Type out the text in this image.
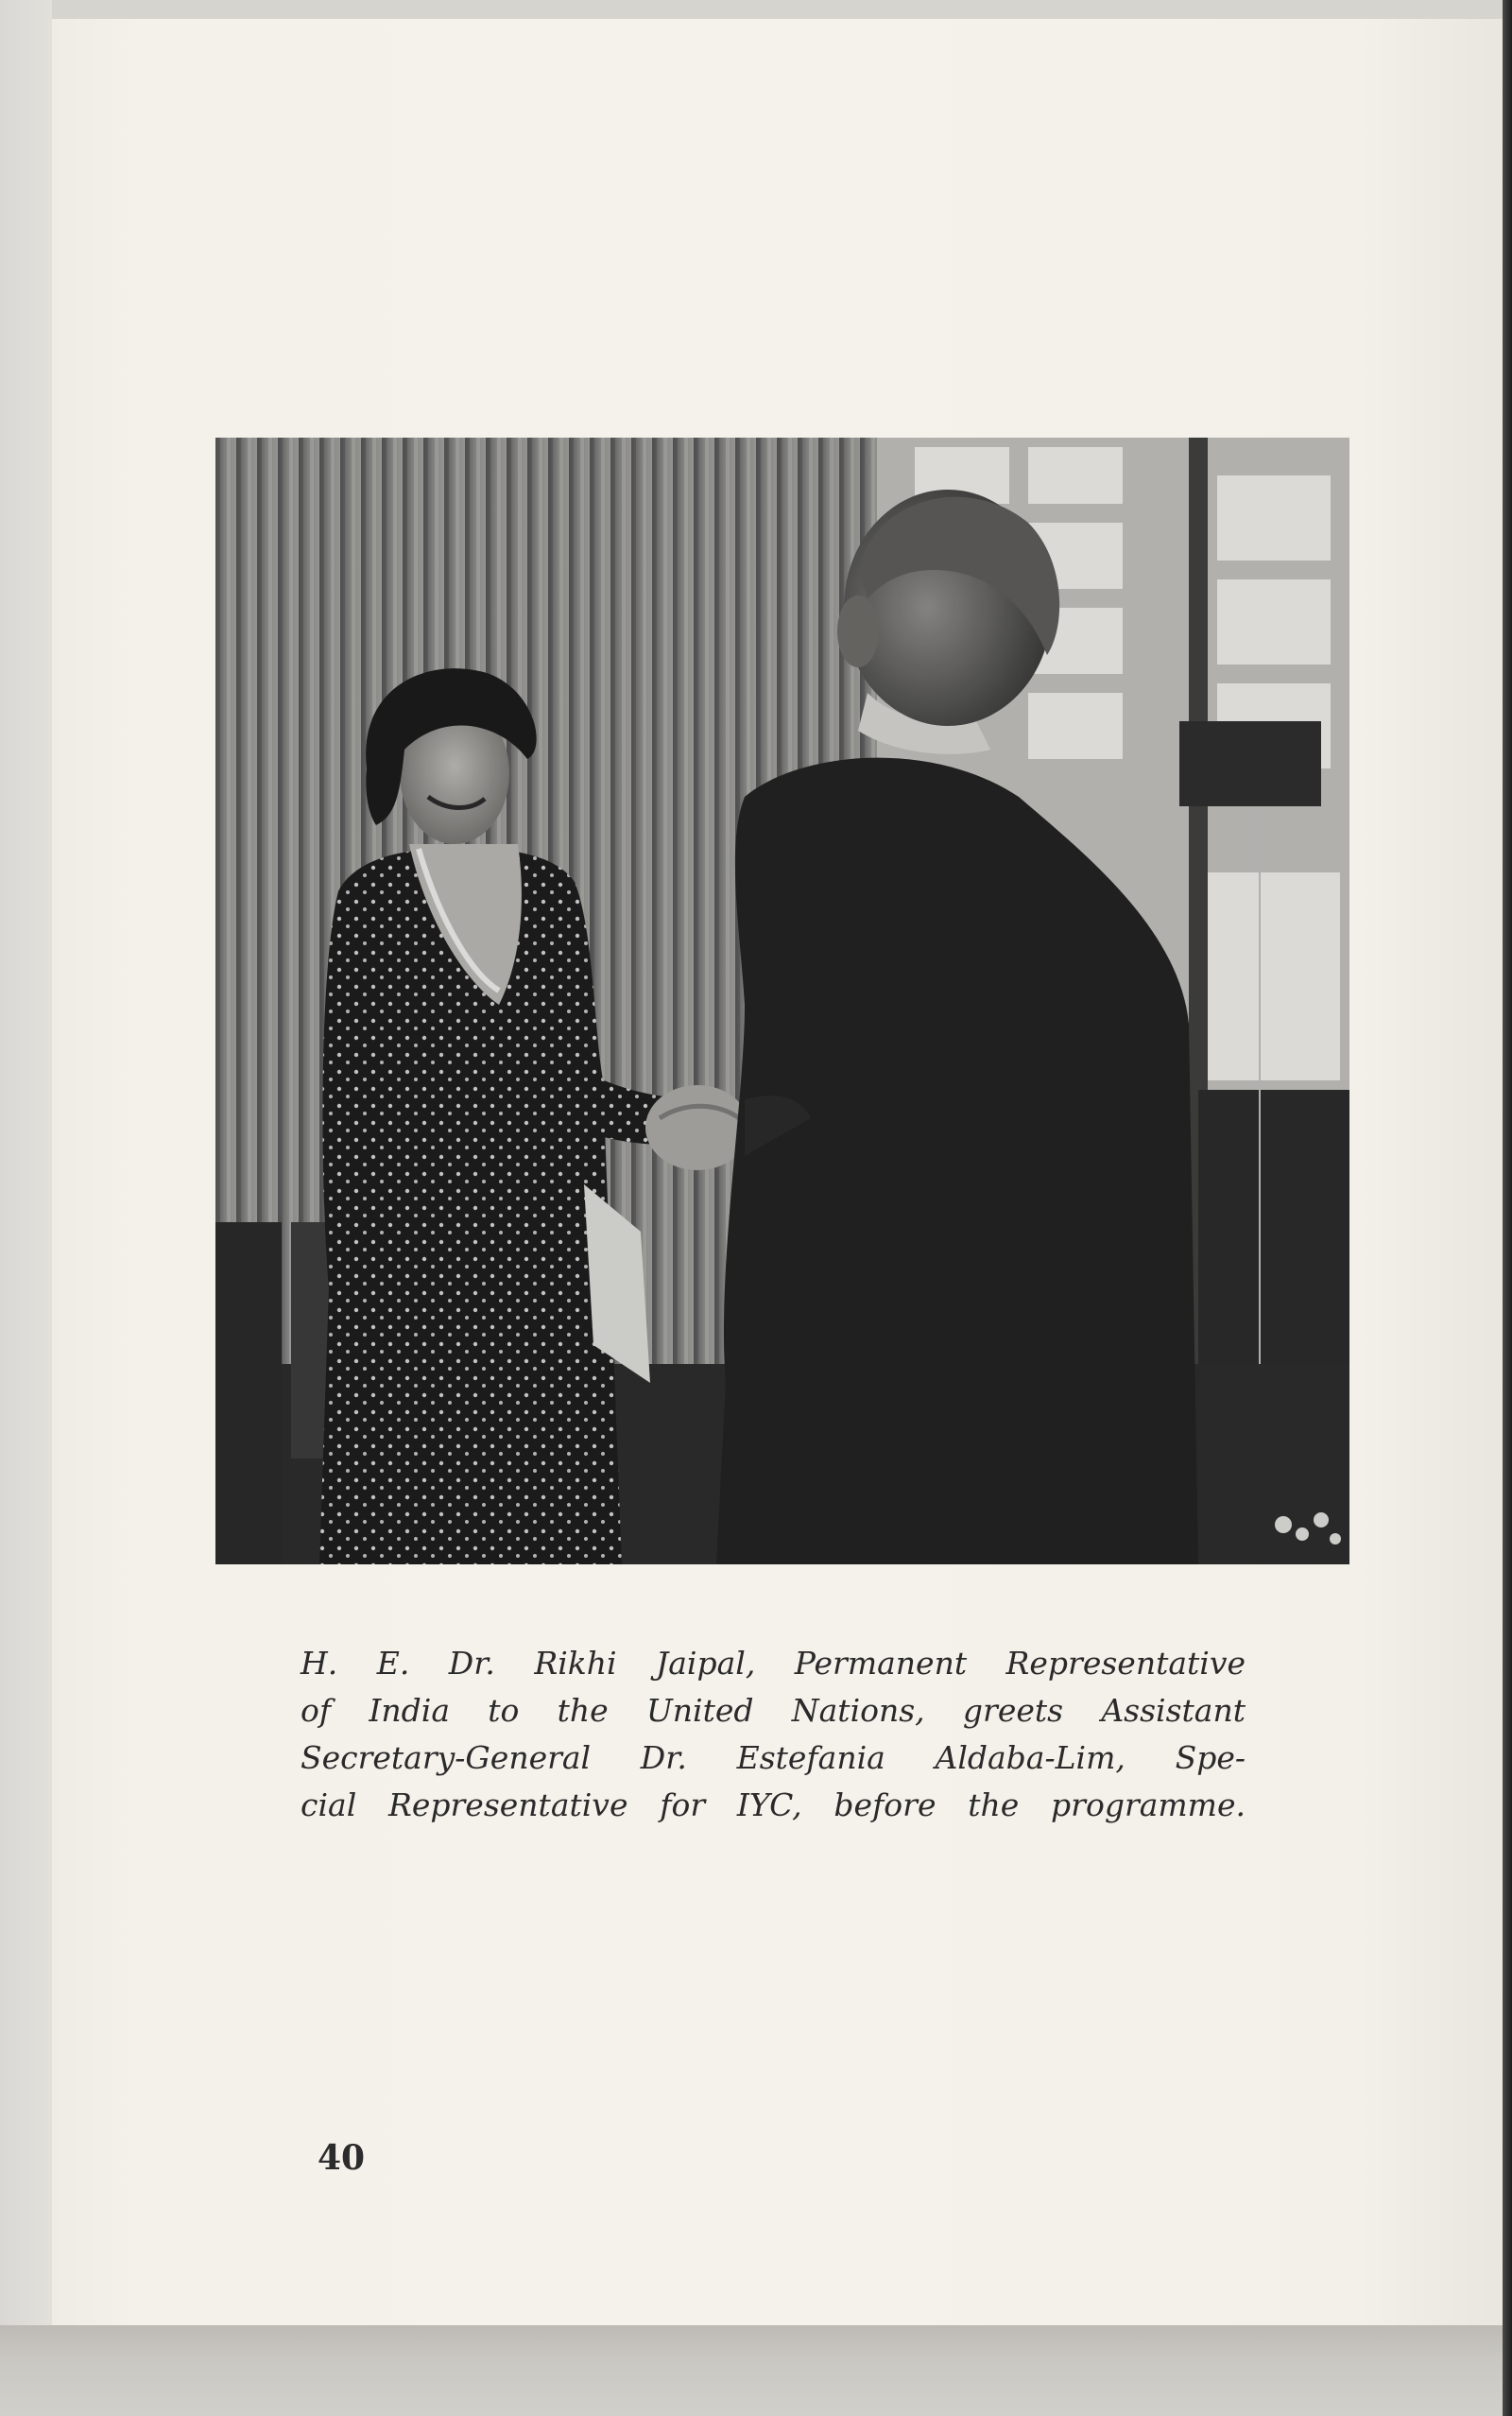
H. E. Dr. Rikhi Jaipal, Permanent Representative
of India to the United Nations, greets Assistant
Secretary-General Dr. Estefania Aldaba-Lim, Spe-
cial Representative for IYC, before the programme.
40
